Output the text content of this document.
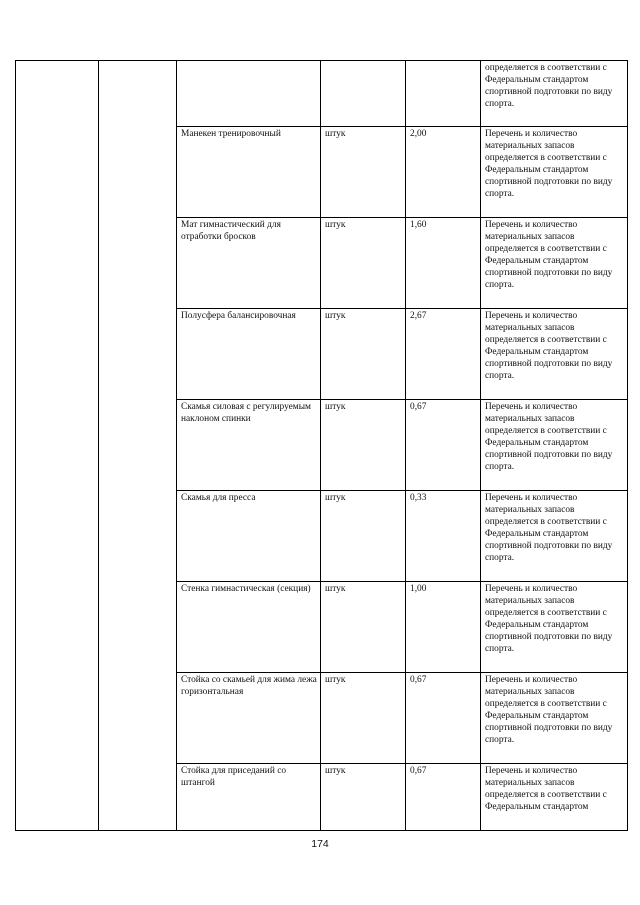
					определяется в соответствии с Федеральным стандартом спортивной подготовки по виду спорта.
		Манекен тренировочный	штук	2,00	Перечень и количество материальных запасов определяется в соответствии с Федеральным стандартом спортивной подготовки по виду спорта.
		Мат гимнастический для отработки бросков	штук	1,60	Перечень и количество материальных запасов определяется в соответствии с Федеральным стандартом спортивной подготовки по виду спорта.
		Полусфера балансировочная	штук	2,67	Перечень и количество материальных запасов определяется в соответствии с Федеральным стандартом спортивной подготовки по виду спорта.
		Скамья силовая с регулируемым наклоном спинки	штук	0,67	Перечень и количество материальных запасов определяется в соответствии с Федеральным стандартом спортивной подготовки по виду спорта.
		Скамья для пресса	штук	0,33	Перечень и количество материальных запасов определяется в соответствии с Федеральным стандартом спортивной подготовки по виду спорта.
		Стенка гимнастическая (секция)	штук	1,00	Перечень и количество материальных запасов определяется в соответствии с Федеральным стандартом спортивной подготовки по виду спорта.
		Стойка со скамьей для жима лежа горизонтальная	штук	0,67	Перечень и количество материальных запасов определяется в соответствии с Федеральным стандартом спортивной подготовки по виду спорта.
		Стойка для приседаний со штангой	штук	0,67	Перечень и количество материальных запасов определяется в соответствии с Федеральным стандартом
174
